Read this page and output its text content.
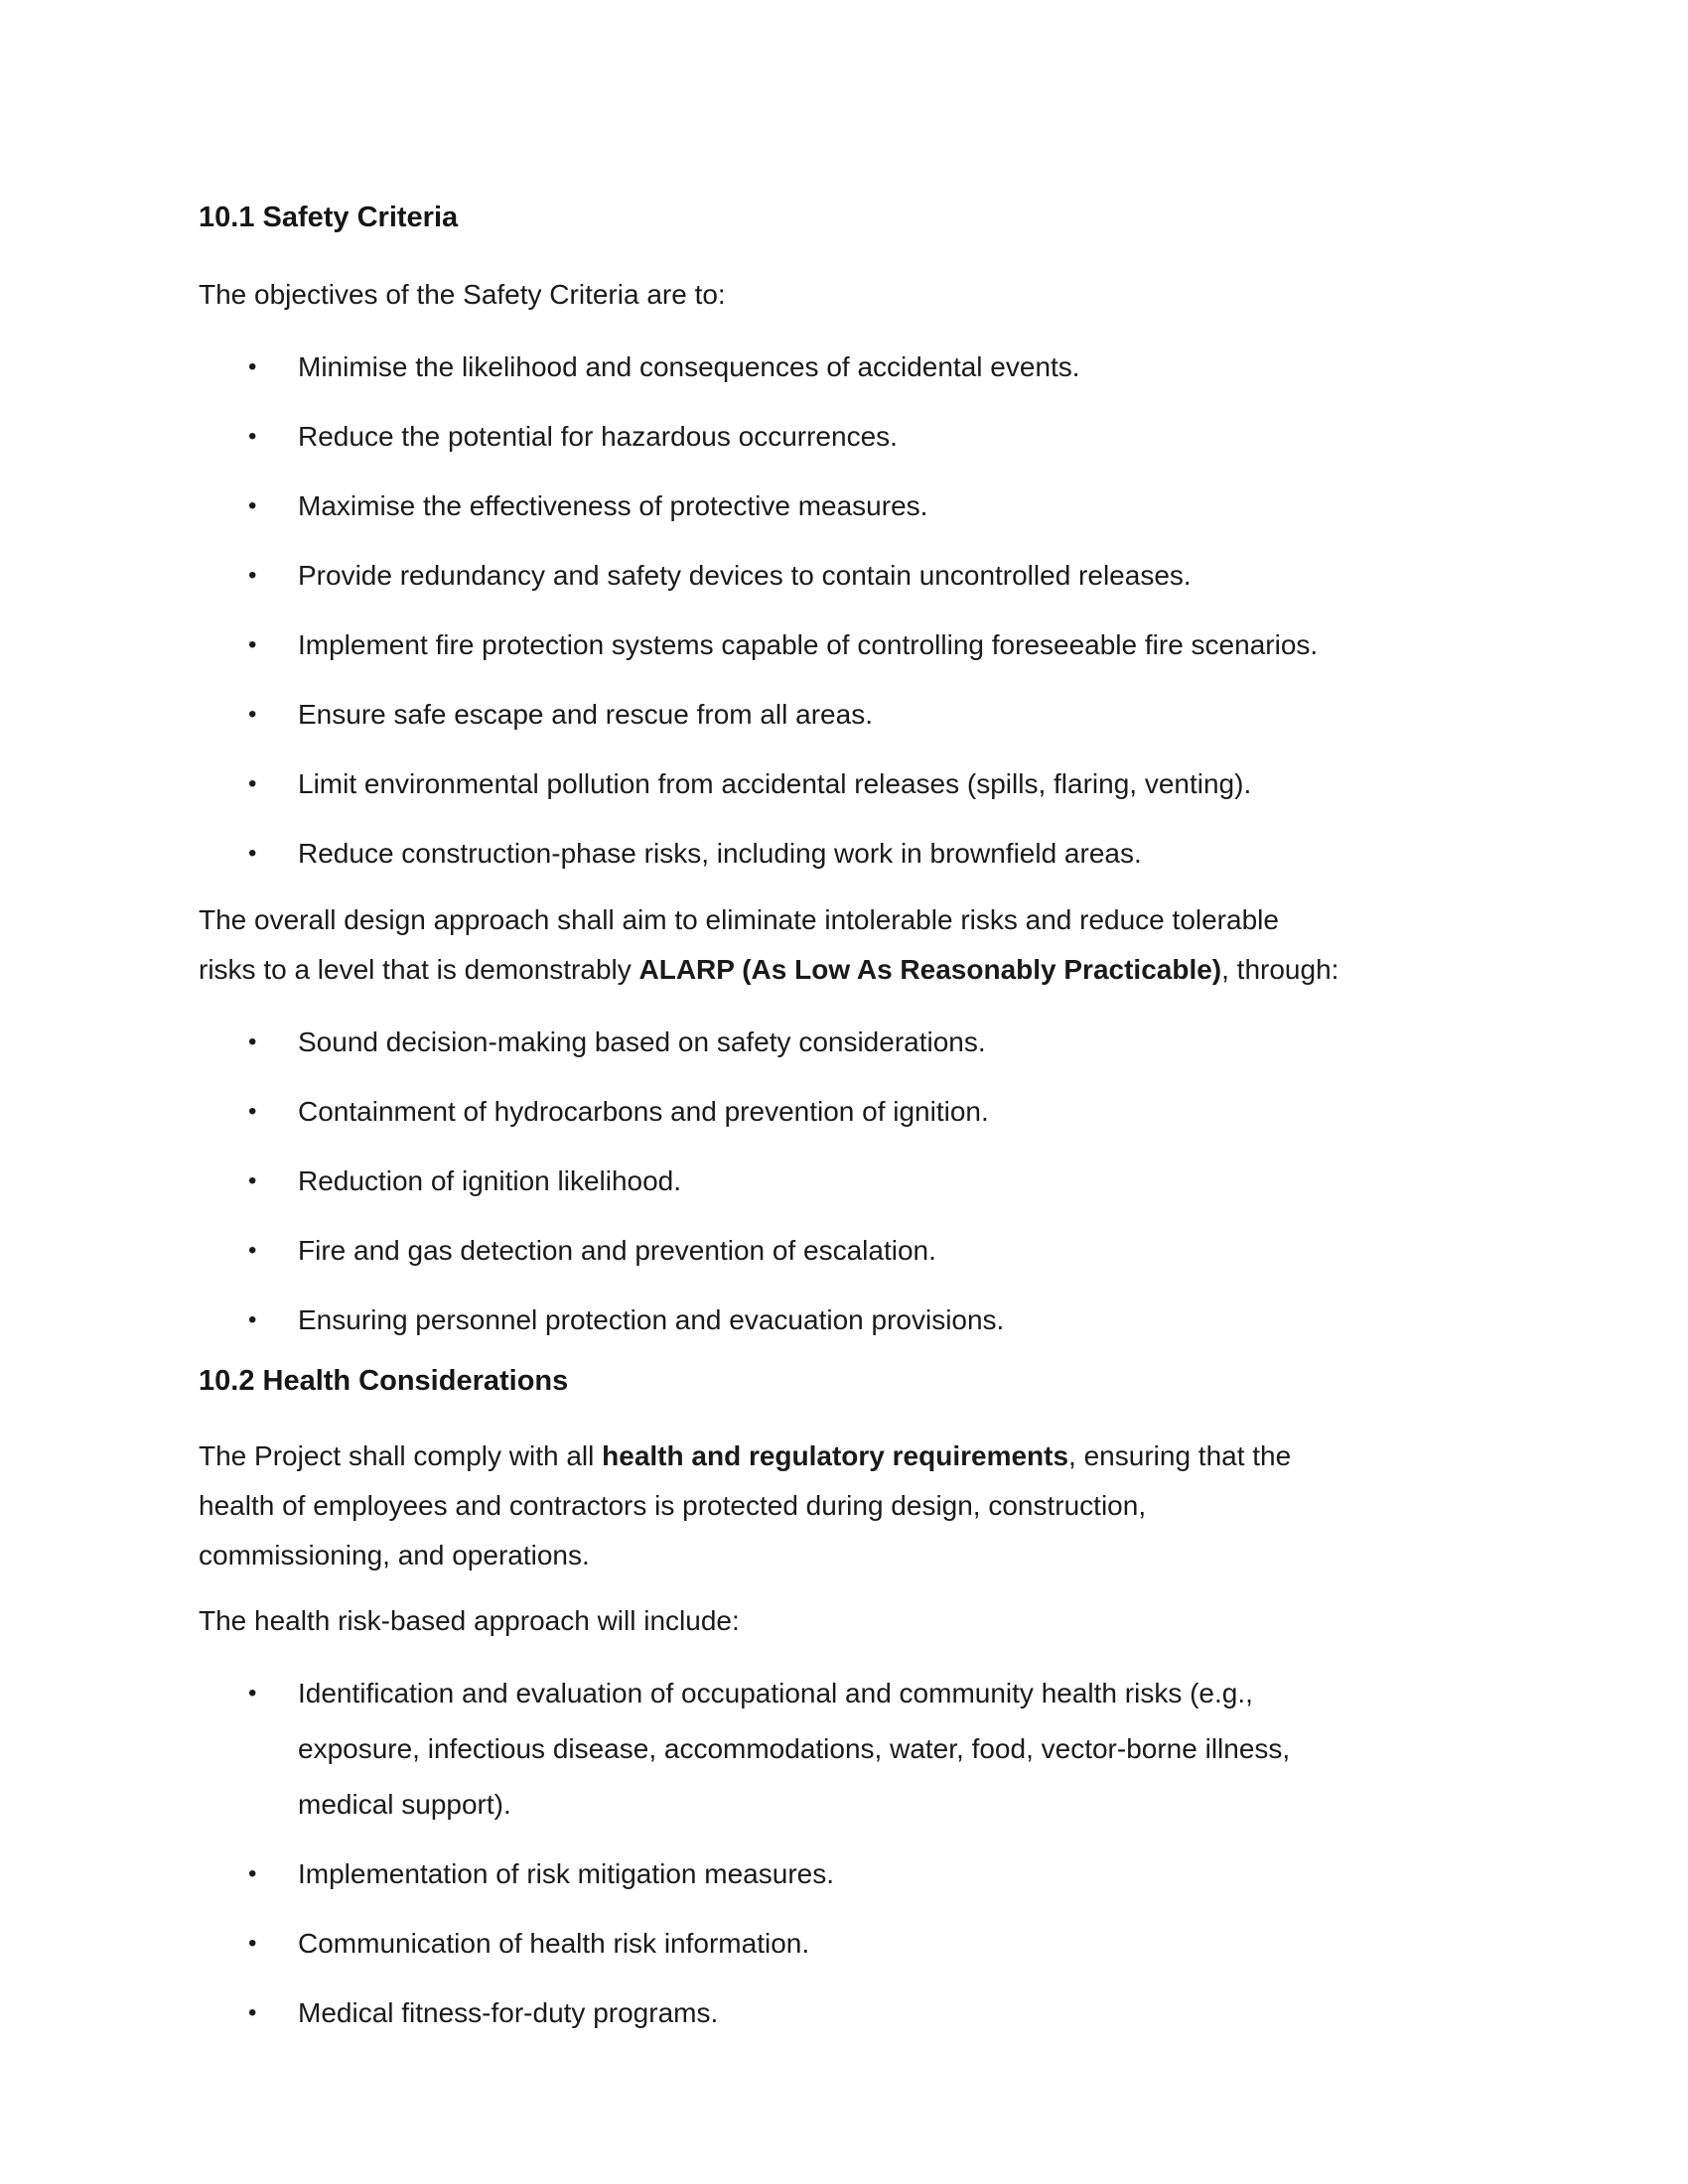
10.1 Safety Criteria

The objectives of the Safety Criteria are to:

•	Minimise the likelihood and consequences of accidental events.
•	Reduce the potential for hazardous occurrences.
•	Maximise the effectiveness of protective measures.
•	Provide redundancy and safety devices to contain uncontrolled releases.
•	Implement fire protection systems capable of controlling foreseeable fire scenarios.
•	Ensure safe escape and rescue from all areas.
•	Limit environmental pollution from accidental releases (spills, flaring, venting).
•	Reduce construction-phase risks, including work in brownfield areas.

The overall design approach shall aim to eliminate intolerable risks and reduce tolerable
risks to a level that is demonstrably ALARP (As Low As Reasonably Practicable), through:

•	Sound decision-making based on safety considerations.
•	Containment of hydrocarbons and prevention of ignition.
•	Reduction of ignition likelihood.
•	Fire and gas detection and prevention of escalation.
•	Ensuring personnel protection and evacuation provisions.
10.2 Health Considerations

The Project shall comply with all health and regulatory requirements, ensuring that the
health of employees and contractors is protected during design, construction,
commissioning, and operations.

The health risk-based approach will include:

•	Identification and evaluation of occupational and community health risks (e.g.,
exposure, infectious disease, accommodations, water, food, vector-borne illness,
medical support).
•	Implementation of risk mitigation measures.
•	Communication of health risk information.
•	Medical fitness-for-duty programs.
